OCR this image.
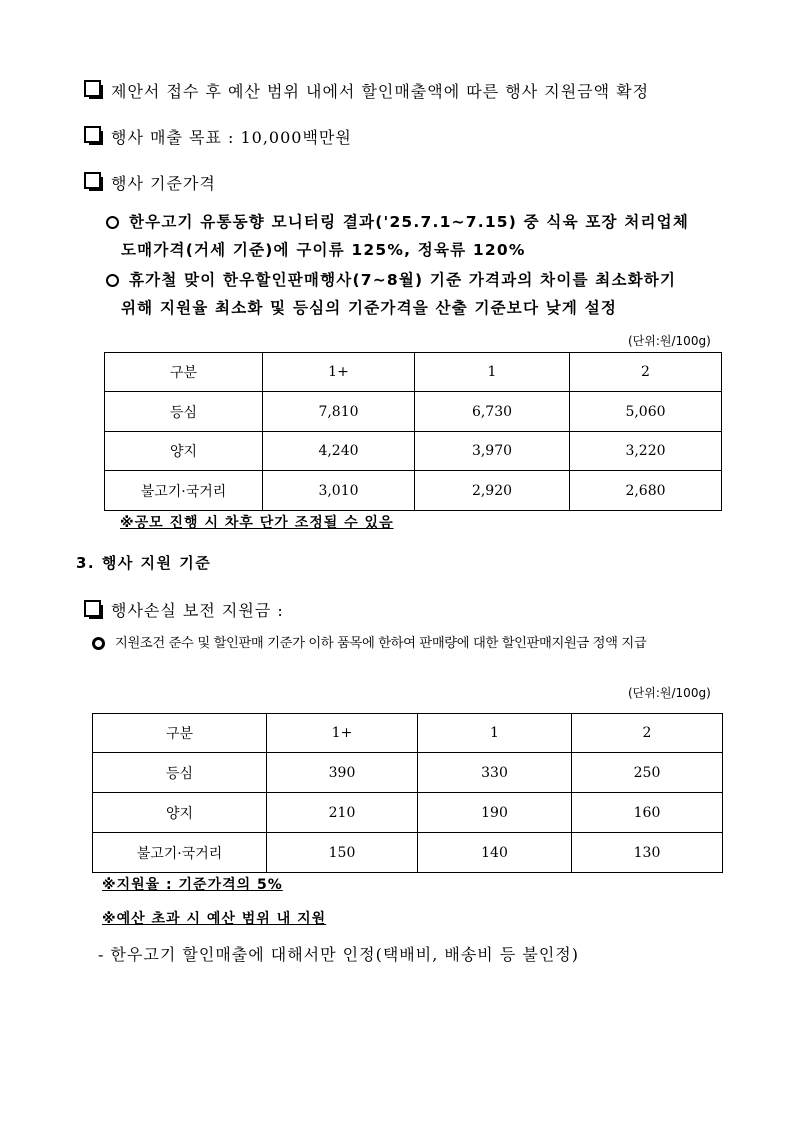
제안서 접수 후 예산 범위 내에서 할인매출액에 따른 행사 지원금액 확정
행사 매출 목표 : 10,000백만원
행사 기준가격
한우고기 유통동향 모니터링 결과('25.7.1~7.15) 중 식육 포장 처리업체
도매가격(거세 기준)에 구이류 125%, 정육류 120%
휴가철 맞이 한우할인판매행사(7~8월) 기준 가격과의 차이를 최소화하기
위해 지원율 최소화 및 등심의 기준가격을 산출 기준보다 낮게 설정
(단위:원/100g)
구분	1+	1	2
등심	7,810	6,730	5,060
양지	4,240	3,970	3,220
불고기·국거리	3,010	2,920	2,680
※공모 진행 시 차후 단가 조정될 수 있음
3. 행사 지원 기준
행사손실 보전 지원금 :
지원조건 준수 및 할인판매 기준가 이하 품목에 한하여 판매량에 대한 할인판매지원금 정액 지급
(단위:원/100g)
구분	1+	1	2
등심	390	330	250
양지	210	190	160
불고기·국거리	150	140	130
※지원율 : 기준가격의 5%
※예산 초과 시 예산 범위 내 지원
- 한우고기 할인매출에 대해서만 인정(택배비, 배송비 등 불인정)
